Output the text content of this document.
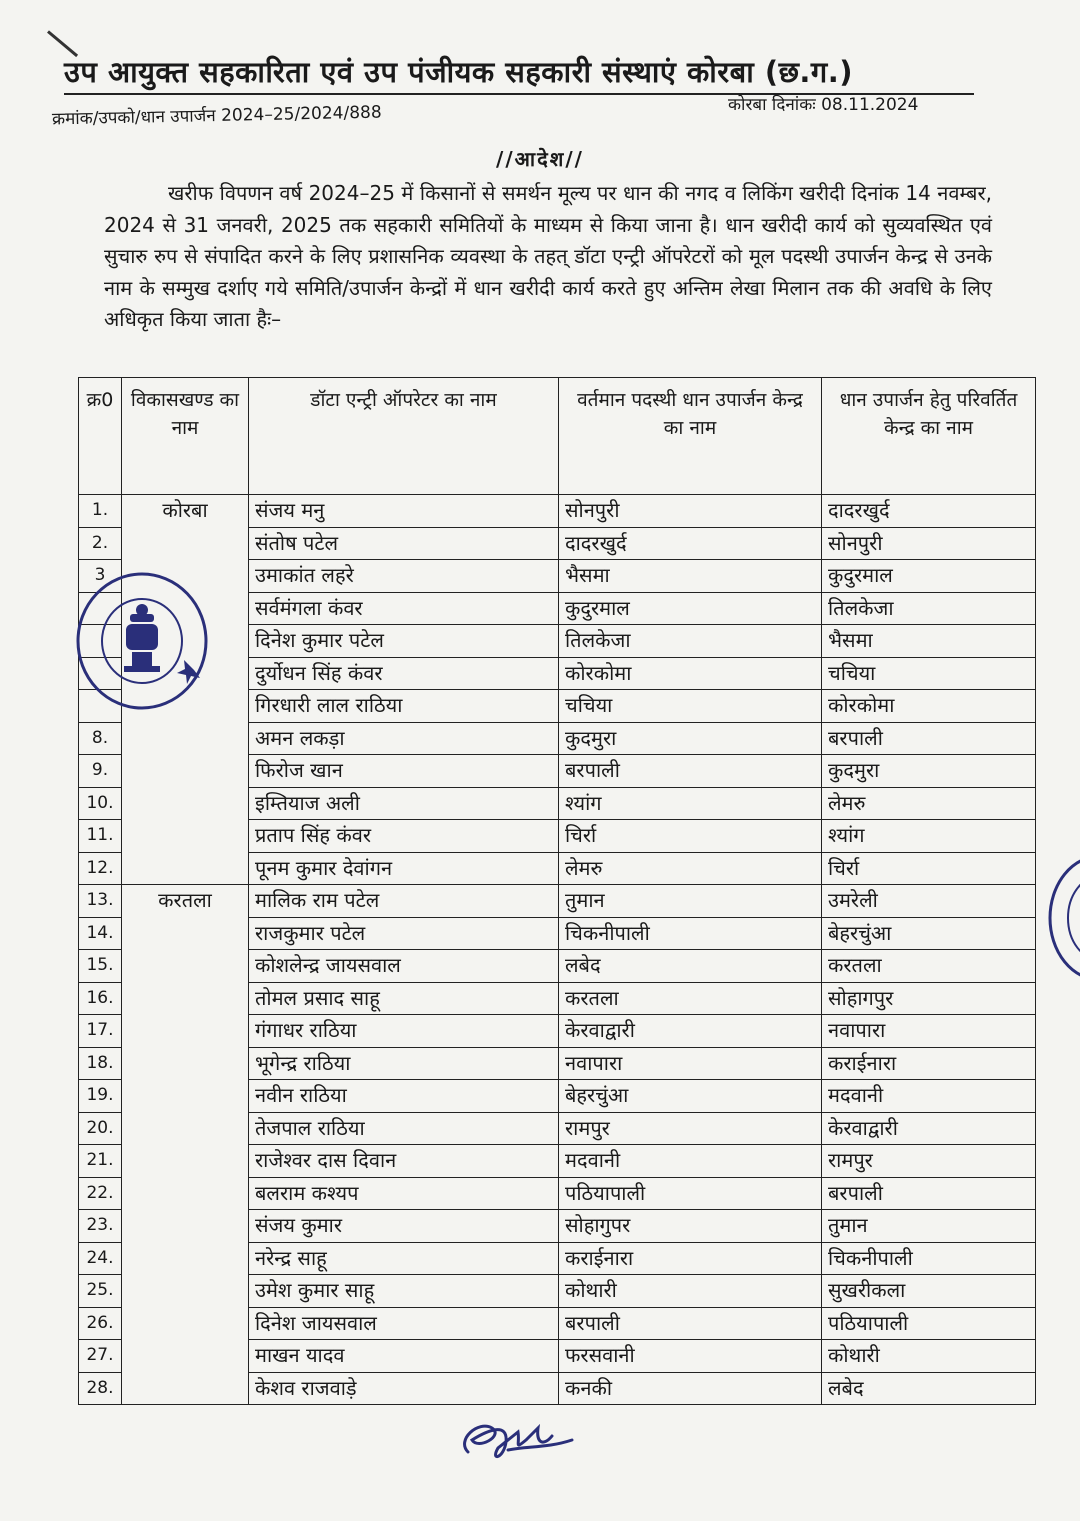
उप आयुक्त सहकारिता एवं उप पंजीयक सहकारी संस्थाएं कोरबा (छ.ग.)
क्रमांक/उपको/धान उपार्जन 2024–25/2024/888	कोरबा दिनांकः 08.11.2024
//आदेश//
खरीफ विपणन वर्ष 2024–25 में किसानों से समर्थन मूल्य पर धान की नगद व लिकिंग खरीदी दिनांक 14 नवम्बर, 2024 से 31 जनवरी, 2025 तक सहकारी समितियों के माध्यम से किया जाना है। धान खरीदी कार्य को सुव्यवस्थित एवं सुचारु रुप से संपादित करने के लिए प्रशासनिक व्यवस्था के तहत् डॉटा एन्ट्री ऑपरेटरों को मूल पदस्थी उपार्जन केन्द्र से उनके नाम के सम्मुख दर्शाए गये समिति/उपार्जन केन्द्रों में धान खरीदी कार्य करते हुए अन्तिम लेखा मिलान तक की अवधि के लिए अधिकृत किया जाता हैः–
क्र0	विकासखण्ड का नाम	डॉटा एन्ट्री ऑपरेटर का नाम	वर्तमान पदस्थी धान उपार्जन केन्द्र का नाम	धान उपार्जन हेतु परिवर्तित केन्द्र का नाम
1.	कोरबा	संजय मनु	सोनपुरी	दादरखुर्द
2.		संतोष पटेल	दादरखुर्द	सोनपुरी
3		उमाकांत लहरे	भैसमा	कुदुरमाल
		सर्वमंगला कंवर	कुदुरमाल	तिलकेजा
		दिनेश कुमार पटेल	तिलकेजा	भैसमा
		दुर्योधन सिंह कंवर	कोरकोमा	चचिया
		गिरधारी लाल राठिया	चचिया	कोरकोमा
8.		अमन लकड़ा	कुदमुरा	बरपाली
9.		फिरोज खान	बरपाली	कुदमुरा
10.		इम्तियाज अली	श्यांग	लेमरु
11.		प्रताप सिंह कंवर	चिर्रा	श्यांग
12.		पूनम कुमार देवांगन	लेमरु	चिर्रा
13.	करतला	मालिक राम पटेल	तुमान	उमरेली
14.		राजकुमार पटेल	चिकनीपाली	बेहरचुंआ
15.		कोशलेन्द्र जायसवाल	लबेद	करतला
16.		तोमल प्रसाद साहू	करतला	सोहागपुर
17.		गंगाधर राठिया	केरवाद्वारी	नवापारा
18.		भूगेन्द्र राठिया	नवापारा	कराईनारा
19.		नवीन राठिया	बेहरचुंआ	मदवानी
20.		तेजपाल राठिया	रामपुर	केरवाद्वारी
21.		राजेश्वर दास दिवान	मदवानी	रामपुर
22.		बलराम कश्यप	पठियापाली	बरपाली
23.		संजय कुमार	सोहागुपर	तुमान
24.		नरेन्द्र साहू	कराईनारा	चिकनीपाली
25.		उमेश कुमार साहू	कोथारी	सुखरीकला
26.		दिनेश जायसवाल	बरपाली	पठियापाली
27.		माखन यादव	फरसवानी	कोथारी
28.		केशव राजवाड़े	कनकी	लबेद
